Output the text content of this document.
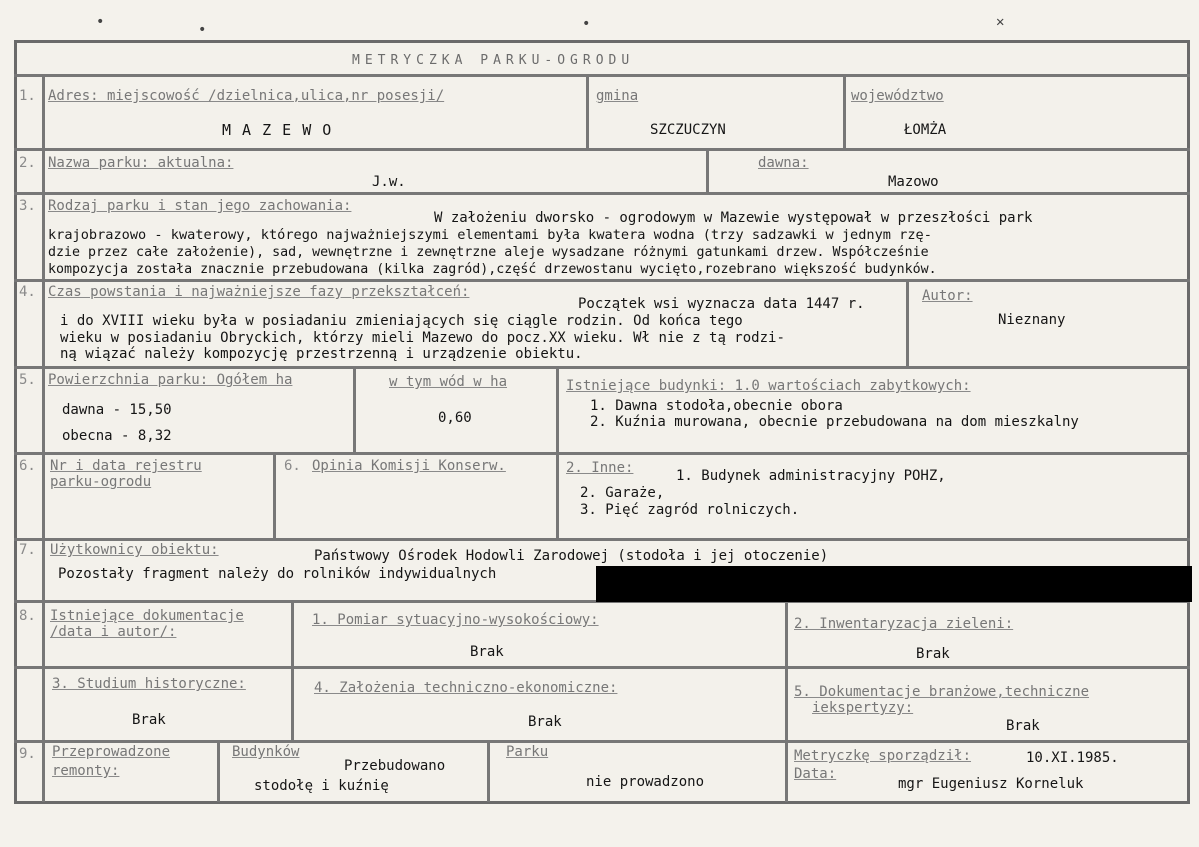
•	•	•	✕
METRYCZKA PARKU-OGRODU
1. Adres: miejscowość /dzielnica,ulica,nr posesji/
M A Z E W O
gmina
SZCZUCZYN
województwo
ŁOMŻA
2. Nazwa parku: aktualna:
J.w.
dawna:
Mazowo
3. Rodzaj parku i stan jego zachowania:
W założeniu dworsko - ogrodowym w Mazewie występował w przeszłości park
krajobrazowo - kwaterowy, którego najważniejszymi elementami była kwatera wodna (trzy sadzawki w jednym rzę-
dzie przez całe założenie), sad, wewnętrzne i zewnętrzne aleje wysadzane różnymi gatunkami drzew. Współcześnie
kompozycja została znacznie przebudowana (kilka zagród),część drzewostanu wycięto,rozebrano większość budynków.
4. Czas powstania i najważniejsze fazy przekształceń:
Początek wsi wyznacza data 1447 r.
i do XVIII wieku była w posiadaniu zmieniających się ciągle rodzin. Od końca tego
wieku w posiadaniu Obryckich, którzy mieli Mazewo do pocz.XX wieku. Wł nie z tą rodzi-
ną wiązać należy kompozycję przestrzenną i urządzenie obiektu.
Autor:
Nieznany
5. Powierzchnia parku: Ogółem ha
dawna - 15,50
obecna - 8,32
w tym wód w ha
0,60
Istniejące budynki: 1.0 wartościach zabytkowych:
1. Dawna stodoła,obecnie obora
2. Kuźnia murowana, obecnie przebudowana na dom mieszkalny
6. Nr i data rejestru
parku-ogrodu
6. Opinia Komisji Konserw.	2. Inne:	1. Budynek administracyjny POHZ,
2. Garaże,
3. Pięć zagród rolniczych.
7. Użytkownicy obiektu:	Państwowy Ośrodek Hodowli Zarodowej (stodoła i jej otoczenie)
Pozostały fragment należy do rolników indywidualnych
8. Istniejące dokumentacje
/data i autor/:
1. Pomiar sytuacyjno-wysokościowy:
Brak
2. Inwentaryzacja zieleni:
Brak
3. Studium historyczne:
Brak
4. Założenia techniczno-ekonomiczne:
Brak
5. Dokumentacje branżowe,techniczne
iekspertyzy:
Brak
9. Przeprowadzone
remonty:
Budynków
Przebudowano
stodołę i kuźnię
Parku
nie prowadzono
Metryczkę sporządził:	10.XI.1985.
Data:
mgr Eugeniusz Korneluk
